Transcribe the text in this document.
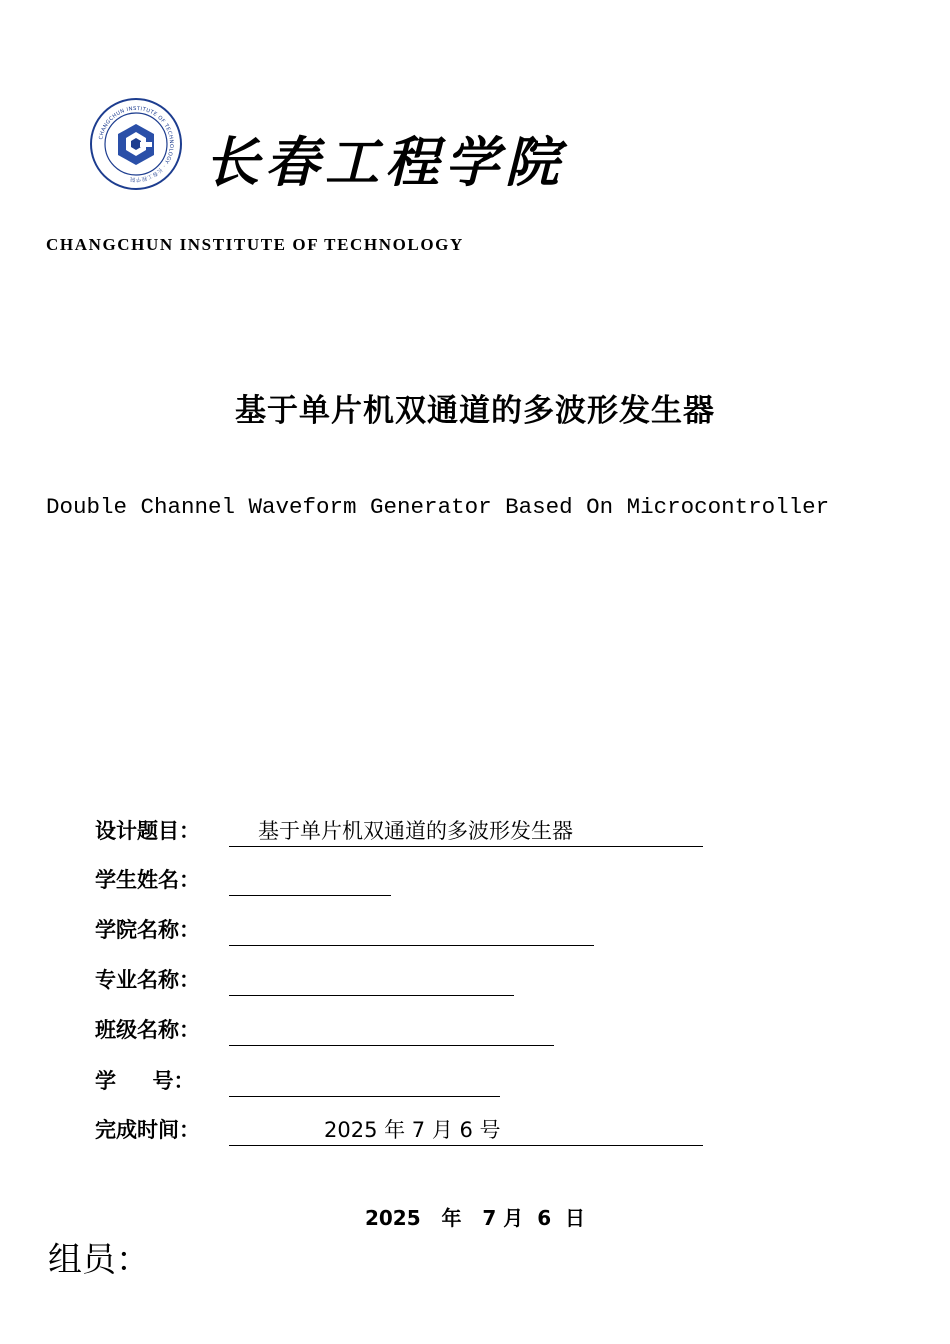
CHANGCHUN INSTITUTE OF TECHNOLOGY · 长春工程学院	长春工程学院
CHANGCHUN INSTITUTE OF TECHNOLOGY
基于单片机双通道的多波形发生器
Double Channel Waveform Generator Based On Microcontroller
设计题目：	基于单片机双通道的多波形发生器
学生姓名：
学院名称：
专业名称：
班级名称：
学     号：
完成时间：	2025 年 7 月 6 号
2025   年   7 月  6  日
组员：
